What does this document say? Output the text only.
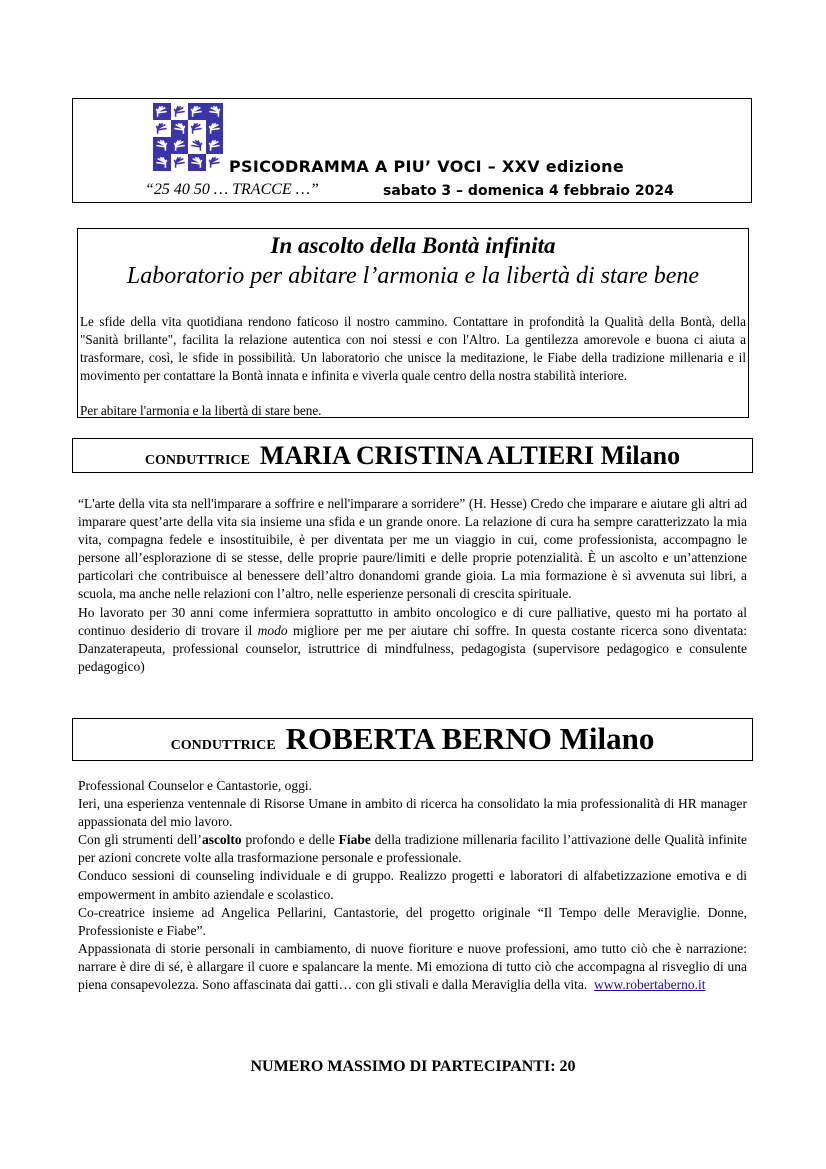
PSICODRAMMA A PIU’ VOCI – XXV edizione
“25 40 50 … TRACCE …”	sabato 3 – domenica 4 febbraio 2024
In ascolto della Bontà infinita
Laboratorio per abitare l’armonia e la libertà di stare bene

Le sfide della vita quotidiana rendono faticoso il nostro cammino. Contattare in profondità la Qualità della Bontà, della "Sanità brillante", facilita la relazione autentica con noi stessi e con l'Altro. La gentilezza amorevole e buona ci aiuta a trasformare, così, le sfide in possibilità. Un laboratorio che unisce la meditazione, le Fiabe della tradizione millenaria e il movimento per contattare la Bontà innata e infinita e viverla quale centro della nostra stabilità interiore.

Per abitare l'armonia e la libertà di stare bene.

CONDUTTRICE MARIA CRISTINA ALTIERI Milano

“L'arte della vita sta nell'imparare a soffrire e nell'imparare a sorridere” (H. Hesse) Credo che imparare e aiutare gli altri ad imparare quest’arte della vita sia insieme una sfida e un grande onore. La relazione di cura ha sempre caratterizzato la mia vita, compagna fedele e insostituibile, è per diventata per me un viaggio in cui, come professionista, accompagno le persone all’esplorazione di se stesse, delle proprie paure/limiti e delle proprie potenzialità. È un ascolto e un’attenzione particolari che contribuisce al benessere dell’altro donandomi grande gioia. La mia formazione è sì avvenuta sui libri, a scuola, ma anche nelle relazioni con l’altro, nelle esperienze personali di crescita spirituale.

Ho lavorato per 30 anni come infermiera soprattutto in ambito oncologico e di cure palliative, questo mi ha portato al continuo desiderio di trovare il modo migliore per me per aiutare chi soffre. In questa costante ricerca sono diventata: Danzaterapeuta, professional counselor, istruttrice di mindfulness, pedagogista (supervisore pedagogico e consulente pedagogico)

CONDUTTRICE ROBERTA BERNO Milano

Professional Counselor e Cantastorie, oggi.

Ieri, una esperienza ventennale di Risorse Umane in ambito di ricerca ha consolidato la mia professionalità di HR manager appassionata del mio lavoro.

Con gli strumenti dell’ascolto profondo e delle Fiabe della tradizione millenaria facilito l’attivazione delle Qualità infinite per azioni concrete volte alla trasformazione personale e professionale.

Conduco sessioni di counseling individuale e di gruppo. Realizzo progetti e laboratori di alfabetizzazione emotiva e di empowerment in ambito aziendale e scolastico.

Co-creatrice insieme ad Angelica Pellarini, Cantastorie, del progetto originale “Il Tempo delle Meraviglie. Donne, Professioniste e Fiabe”.

Appassionata di storie personali in cambiamento, di nuove fioriture e nuove professioni, amo tutto ciò che è narrazione: narrare è dire di sé, è allargare il cuore e spalancare la mente. Mi emoziona di tutto ciò che accompagna al risveglio di una piena consapevolezza. Sono affascinata dai gatti… con gli stivali e dalla Meraviglia della vita. www.robertaberno.it

NUMERO MASSIMO DI PARTECIPANTI: 20
